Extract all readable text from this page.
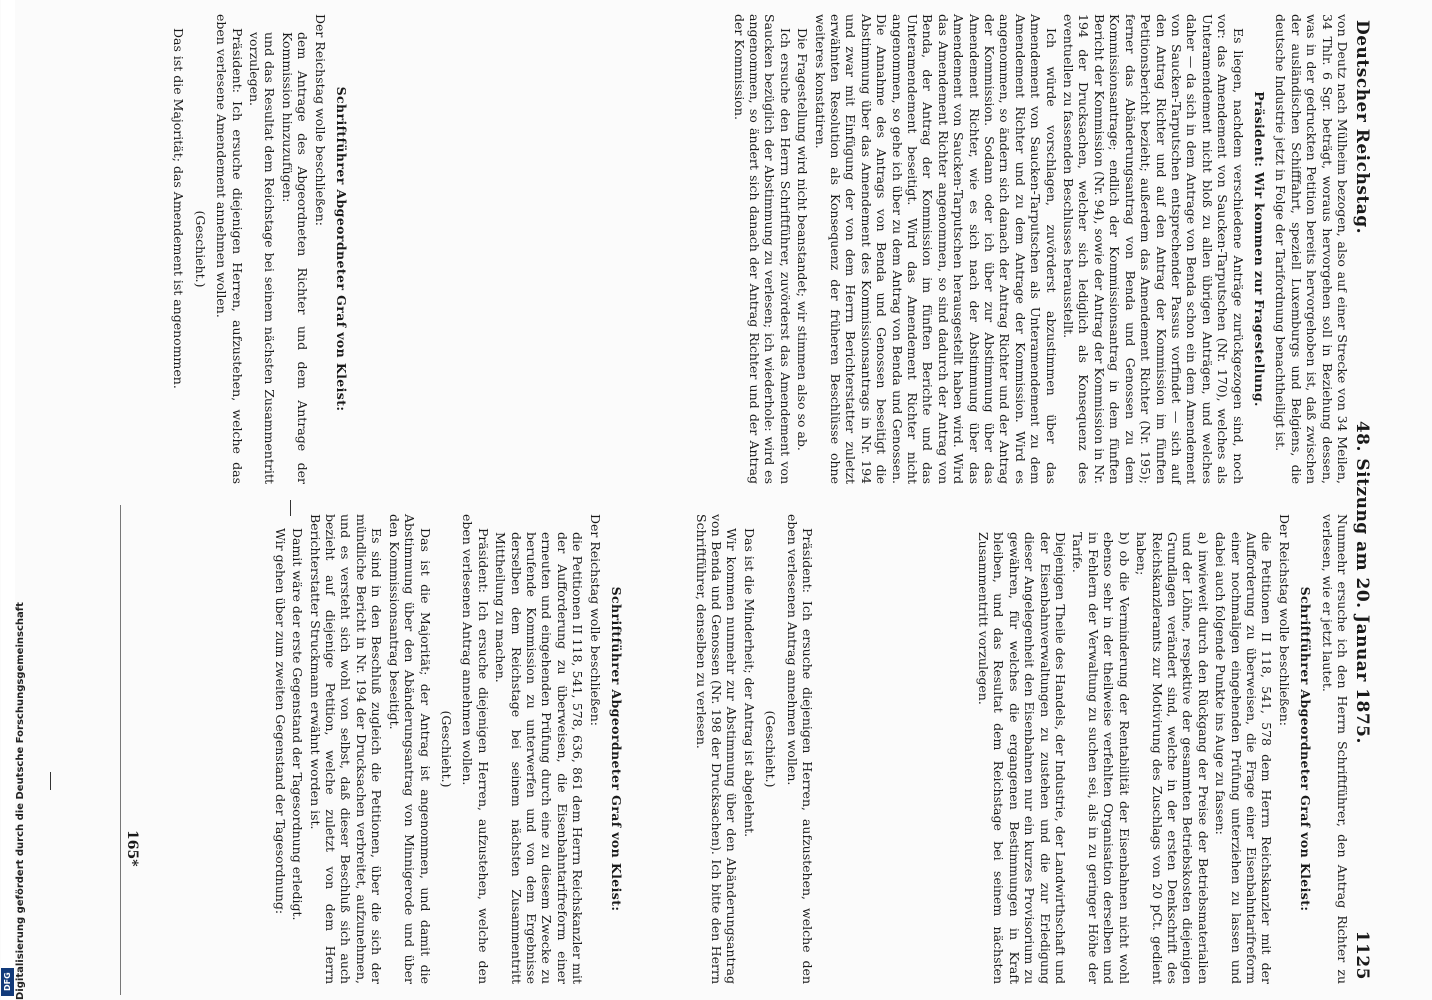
Deutscher Reichstag.
48. Sitzung am 20. Januar 1875.
1125

von Deutz nach Mülheim bezogen, also auf einer Strecke von 34 Meilen, 34 Thlr. 6 Sgr. beträgt, woraus hervorgehen soll in Beziehung dessen, was in der gedruckten Petition bereits hervorgehoben ist, daß zwischen der ausländischen Schifffahrt, speziell Luxemburgs und Belgiens, die deutsche Industrie jetzt in Folge der Tarifordnung benachtheiligt ist.

Präsident: Wir kommen zur Fragestellung.

Es liegen, nachdem verschiedene Anträge zurückgezogen sind, noch vor: das Amendement von Saucken-Tarputschen (Nr. 170), welches als Unteramendement nicht bloß zu allen übrigen Anträgen, und welches daher — da sich in dem Antrage von Benda schon ein dem Amendement von Saucken-Tarputschen entsprechender Passus vorfindet — sich auf den Antrag Richter und auf den Antrag der Kommission im fünften Petitionsbericht bezieht; außerdem das Amendement Richter (Nr. 195); ferner das Abänderungsantrag von Benda und Genossen zu dem Kommissionsantrage; endlich der Kommissionsantrag in dem fünften Bericht der Kommission (Nr. 94), sowie der Antrag der Kommission in Nr. 194 der Drucksachen, welcher sich lediglich als Konsequenz des eventuellen zu fassenden Beschlusses herausstellt.

Ich würde vorschlagen, zuvörderst abzustimmen über das Amendement von Saucken-Tarputschen als Unteramendement zu dem Amendement Richter und zu dem Antrage der Kommission. Wird es angenommen, so ändern sich danach der Antrag Richter und der Antrag der Kommission. Sodann oder ich über zur Abstimmung über das Amendement Richter, wie es sich nach der Abstimmung über das Amendement von Saucken-Tarputschen herausgestellt haben wird. Wird das Amendement Richter angenommen, so sind dadurch der Antrag von Benda, der Antrag der Kommission im fünften Berichte und das Unteramendement beseitigt. Wird das Amendement Richter nicht angenommen, so gehe ich über zu dem Antrag von Benda und Genossen. Die Annahme des Antrags von Benda und Genossen beseitigt die Abstimmung über das Amendement des Kommissionsantrags in Nr. 194 und zwar mit Einfügung der von dem Herrn Berichterstatter zuletzt erwähnten Resolution als Konsequenz der früheren Beschlüsse ohne weiteres konstatiren.

Die Fragestellung wird nicht beanstandet; wir stimmen also so ab.

Ich ersuche den Herrn Schriftführer, zuvörderst das Amendement von Saucken bezüglich der Abstimmung zu verlesen; ich wiederhole: wird es angenommen, so ändert sich danach der Antrag Richter und der Antrag der Kommission.

Schriftführer Abgeordneter Graf von Kleist:

Der Reichstag wolle beschließen:

dem Antrage des Abgeordneten Richter und dem Antrage der Kommission hinzuzufügen:

und das Resultat dem Reichstage bei seinem nächsten Zusammentritt vorzulegen.

Präsident: Ich ersuche diejenigen Herren, aufzustehen, welche das eben verlesene Amendement annehmen wollen.

(Geschieht.)

Das ist die Majorität; das Amendement ist angenommen.

Nunmehr ersuche ich den Herrn Schriftführer, den Antrag Richter zu verlesen, wie er jetzt lautet.

Schriftführer Abgeordneter Graf von Kleist:

Der Reichstag wolle beschließen:

die Petitionen II 118, 541, 578 dem Herrn Reichskanzler mit der Aufforderung zu überweisen, die Frage einer Eisenbahntarifreform einer nochmaligen eingehenden Prüfung unterziehen zu lassen und dabei auch folgende Punkte ins Auge zu fassen:

a) inwieweit durch den Rückgang der Preise der Betriebsmaterialien und der Löhne, respektive der gesammten Betriebskosten diejenigen Grundlagen verändert sind, welche in der ersten Denkschrift des Reichskanzleramts zur Motivirung des Zuschlags von 20 pCt. gedient haben;

b) ob die Verminderung der Rentabilität der Eisenbahnen nicht wohl ebenso sehr in der theilweise verfehlten Organisation derselben und in Fehlern der Verwaltung zu suchen sei, als in zu geringer Höhe der Tarife.

Diejenigen Theile des Handels, der Industrie, der Landwirthschaft und der Eisenbahnverwaltungen zu zustehen und die zur Erledigung dieser Angelegenheit den Eisenbahnen nur ein kurzes Provisorium zu gewähren, für welches die ergangenen Bestimmungen in Kraft bleiben, und das Resultat dem Reichstage bei seinem nächsten Zusammentritt vorzulegen.

Präsident: Ich ersuche diejenigen Herren, aufzustehen, welche den eben verlesenen Antrag annehmen wollen.

(Geschieht.)

Das ist die Minderheit; der Antrag ist abgelehnt.

Wir kommen nunmehr zur Abstimmung über den Abänderungsantrag von Benda und Genossen (Nr. 198 der Drucksachen). Ich bitte den Herrn Schriftführer, denselben zu verlesen.

Schriftführer Abgeordneter Graf von Kleist:

Der Reichstag wolle beschließen:

die Petitionen II 118, 541, 578, 636, 861 dem Herrn Reichskanzler mit der Aufforderung zu überweisen, die Eisenbahntarifreform einer erneuten und eingehenden Prüfung durch eine zu diesem Zwecke zu berufende Kommission zu unterwerfen und von dem Ergebnisse derselben dem Reichstage bei seinem nächsten Zusammentritt Mittheilung zu machen.

Präsident: Ich ersuche diejenigen Herren, aufzustehen, welche den eben verlesenen Antrag annehmen wollen.

(Geschieht.)

Das ist die Majorität; der Antrag ist angenommen, und damit die Abstimmung über den Abänderungsantrag von Minnigerode und über den Kommissionsantrag beseitigt.

Es sind in den Beschluß zugleich die Petitionen, über die sich der mündliche Bericht in Nr. 194 der Drucksachen verbreitet, aufzunehmen, und es versteht sich wohl von selbst, daß dieser Beschluß sich auch bezieht auf diejenige Petition, welche zuletzt von dem Herrn Berichterstatter Struckmann erwähnt worden ist.

Damit wäre der erste Gegenstand der Tagesordnung erledigt.

Wir gehen über zum zweiten Gegenstand der Tagesordnung:

165*
Digitalisierung gefördert durch die Deutsche Forschungsgemeinschaft
DFG
